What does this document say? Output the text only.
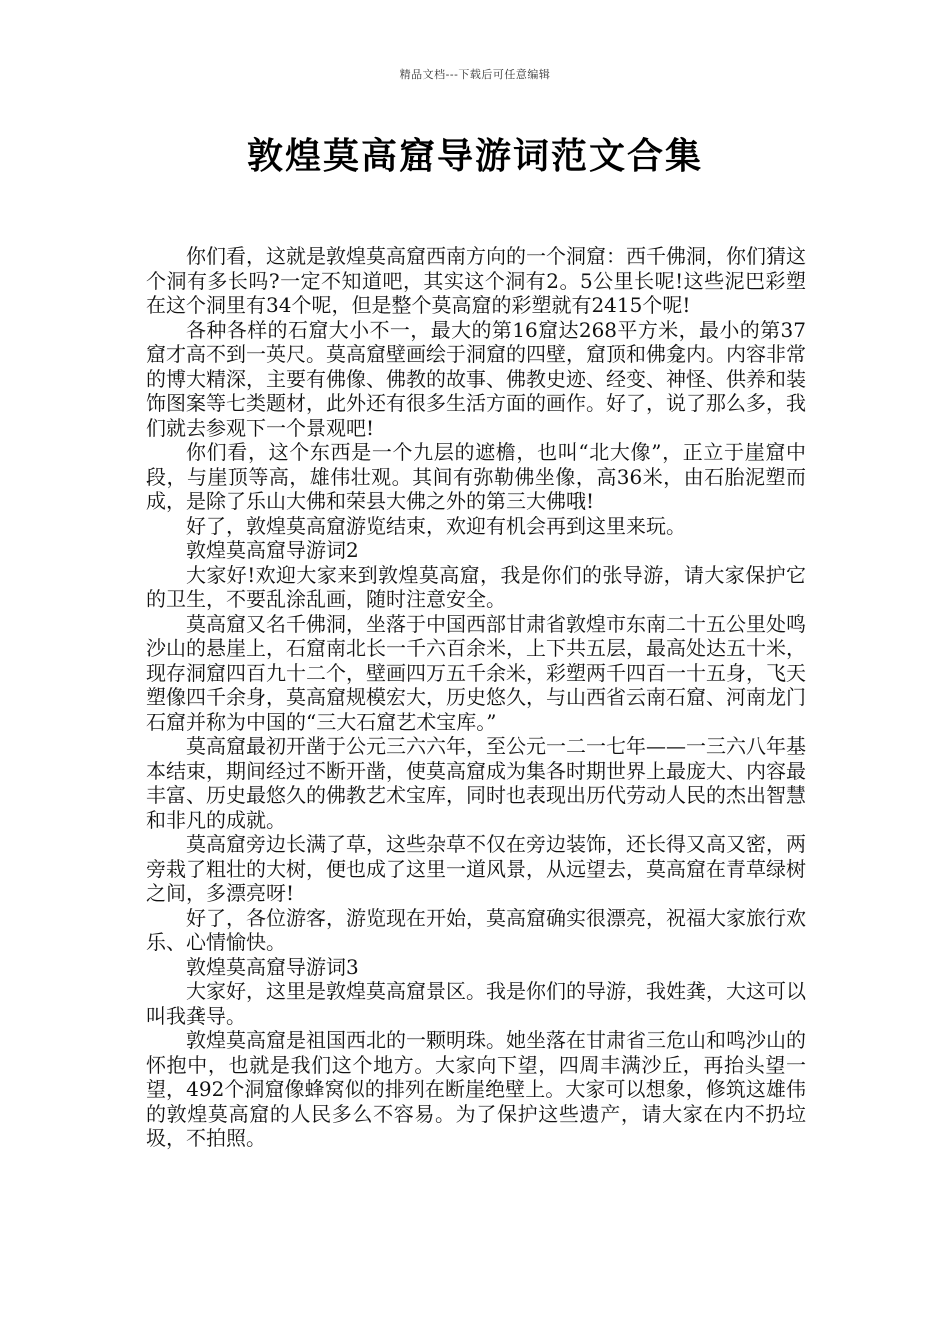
精品文档---下载后可任意编辑
敦煌莫高窟导游词范文合集

你们看，这就是敦煌莫高窟西南方向的一个洞窟：西千佛洞，你们猜这个洞有多长吗?一定不知道吧，其实这个洞有2。5公里长呢!这些泥巴彩塑在这个洞里有34个呢，但是整个莫高窟的彩塑就有2415个呢!

各种各样的石窟大小不一，最大的第16窟达268平方米，最小的第37窟才高不到一英尺。莫高窟壁画绘于洞窟的四壁，窟顶和佛龛内。内容非常的博大精深，主要有佛像、佛教的故事、佛教史迹、经变、神怪、供养和装饰图案等七类题材，此外还有很多生活方面的画作。好了，说了那么多，我们就去参观下一个景观吧!

你们看，这个东西是一个九层的遮檐，也叫“北大像”，正立于崖窟中段，与崖顶等高，雄伟壮观。其间有弥勒佛坐像，高36米，由石胎泥塑而成，是除了乐山大佛和荣县大佛之外的第三大佛哦!

好了，敦煌莫高窟游览结束，欢迎有机会再到这里来玩。

敦煌莫高窟导游词2

大家好!欢迎大家来到敦煌莫高窟，我是你们的张导游，请大家保护它的卫生，不要乱涂乱画，随时注意安全。

莫高窟又名千佛洞，坐落于中国西部甘肃省敦煌市东南二十五公里处鸣沙山的悬崖上，石窟南北长一千六百余米，上下共五层，最高处达五十米，现存洞窟四百九十二个，壁画四万五千余米，彩塑两千四百一十五身，飞天塑像四千余身，莫高窟规模宏大，历史悠久，与山西省云南石窟、河南龙门石窟并称为中国的“三大石窟艺术宝库。”

莫高窟最初开凿于公元三六六年，至公元一二一七年——一三六八年基本结束，期间经过不断开凿，使莫高窟成为集各时期世界上最庞大、内容最丰富、历史最悠久的佛教艺术宝库，同时也表现出历代劳动人民的杰出智慧和非凡的成就。

莫高窟旁边长满了草，这些杂草不仅在旁边装饰，还长得又高又密，两旁栽了粗壮的大树，便也成了这里一道风景，从远望去，莫高窟在青草绿树之间，多漂亮呀!

好了，各位游客，游览现在开始，莫高窟确实很漂亮，祝福大家旅行欢乐、心情愉快。

敦煌莫高窟导游词3

大家好，这里是敦煌莫高窟景区。我是你们的导游，我姓龚，大这可以叫我龚导。

敦煌莫高窟是祖国西北的一颗明珠。她坐落在甘肃省三危山和鸣沙山的怀抱中，也就是我们这个地方。大家向下望，四周丰满沙丘，再抬头望一望，492个洞窟像蜂窝似的排列在断崖绝壁上。大家可以想象，修筑这雄伟的敦煌莫高窟的人民多么不容易。为了保护这些遗产，请大家在内不扔垃圾，不拍照。
